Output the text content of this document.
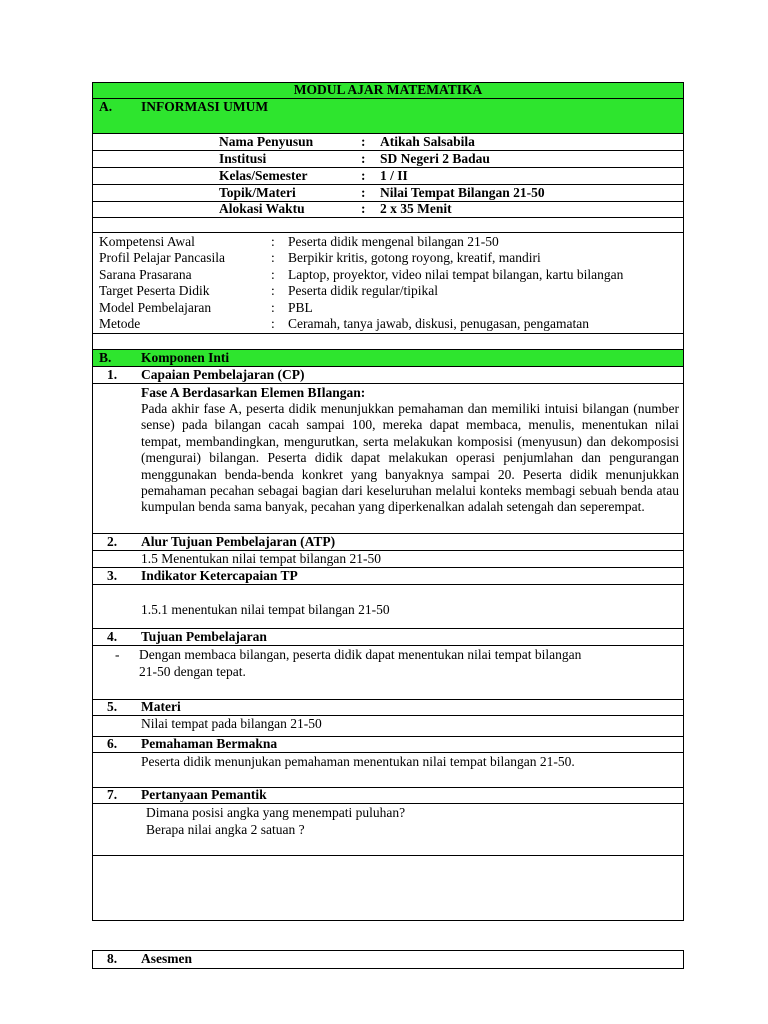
MODUL AJAR MATEMATIKA
A. INFORMASI UMUM
Nama Penyusun	: Atikah Salsabila
Institusi	: SD Negeri 2 Badau
Kelas/Semester	: 1 / II
Topik/Materi	: Nilai Tempat Bilangan 21-50
Alokasi Waktu	: 2 x 35 Menit
Kompetensi Awal	: Peserta didik mengenal bilangan 21-50
Profil Pelajar Pancasila	: Berpikir kritis, gotong royong, kreatif, mandiri
Sarana Prasarana	: Laptop, proyektor, video nilai tempat bilangan, kartu bilangan
Target Peserta Didik	: Peserta didik regular/tipikal
Model Pembelajaran	: PBL
Metode	: Ceramah, tanya jawab, diskusi, penugasan, pengamatan
B. Komponen Inti
1. Capaian Pembelajaran (CP)
Fase A Berdasarkan Elemen BIlangan:
Pada akhir fase A, peserta didik menunjukkan pemahaman dan memiliki intuisi bilangan (number sense) pada bilangan cacah sampai 100, mereka dapat membaca, menulis, menentukan nilai tempat, membandingkan, mengurutkan, serta melakukan komposisi (menyusun) dan dekomposisi (mengurai) bilangan. Peserta didik dapat melakukan operasi penjumlahan dan pengurangan menggunakan benda-benda konkret yang banyaknya sampai 20. Peserta didik menunjukkan pemahaman pecahan sebagai bagian dari keseluruhan melalui konteks membagi sebuah benda atau kumpulan benda sama banyak, pecahan yang diperkenalkan adalah setengah dan seperempat.
2. Alur Tujuan Pembelajaran (ATP)
1.5 Menentukan nilai tempat bilangan 21-50
3. Indikator Ketercapaian TP
1.5.1 menentukan nilai tempat bilangan 21-50
4. Tujuan Pembelajaran
- Dengan membaca bilangan, peserta didik dapat menentukan nilai tempat bilangan
21-50 dengan tepat.
5. Materi
Nilai tempat pada bilangan 21-50
6. Pemahaman Bermakna
Peserta didik menunjukan pemahaman menentukan nilai tempat bilangan 21-50.
7. Pertanyaan Pemantik
Dimana posisi angka yang menempati puluhan?
Berapa nilai angka 2 satuan ?
8. Asesmen
